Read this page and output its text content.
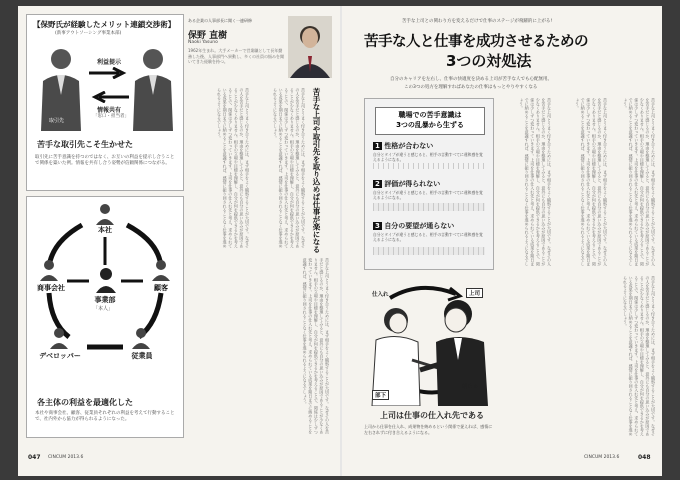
【保野氏が経験したメリット連鎖交渉術】
(新事アウトソーシング事業本部)
利益提示
情報共有
「窓口・担当者」
取引先
苦手な取引先こそ生かせた
取引先に苦手意識を持つのではなく、お互いの利益を提示し合うことで関係を築いた例。情報を共有し合う姿勢が信頼関係につながる。
本社
商事会社	顧客
事業部
「本人」
デベロッパー	従業員
各主体の利益を最適化した
本社や商事会社、顧客、従業員それぞれの利益を考えて行動することで、社内外から協力が得られるようになった。
ある企業の人事部長に聞く一連研修
保野 直樹
Naoki Yasuno
1962年生まれ。大手メーカーで営業職として長年勤務した後、人事部門へ異動し、多くの社員の悩みを聞いてきた経験を持つ。
苦手な上司や取引先を取り込めば仕事が楽になる
苦手な上司とうまく付き合うためには、まず相手をよく観察することが大切です。なぜその人を苦手だと感じるのか、理由を整理してみると、意外にも自分の思い込みが原因であることが少なくありません。相手の立場や目標を理解し、自分が何を提供できるかを考えることで、関係は少しずつ変わっていきます。上司を仕事の仕入れ先と考え、求められている成果を期日までに納めることを意識すれば、感情に振り回されることなく仕事を進められるようになるでしょう。
苦手な上司とうまく付き合うためには、まず相手をよく観察することが大切です。なぜその人を苦手だと感じるのか、理由を整理してみると、意外にも自分の思い込みが原因であることが少なくありません。相手の立場や目標を理解し、自分が何を提供できるかを考えることで、関係は少しずつ変わっていきます。上司を仕事の仕入れ先と考え、求められている成果を期日までに納めることを意識すれば、感情に振り回されることなく仕事を進められるようになるでしょう。
苦手な上司とうまく付き合うためには、まず相手をよく観察することが大切です。なぜその人を苦手だと感じるのか、理由を整理してみると、意外にも自分の思い込みが原因であることが少なくありません。相手の立場や目標を理解し、自分が何を提供できるかを考えることで、関係は少しずつ変わっていきます。上司を仕事の仕入れ先と考え、求められている成果を期日までに納めることを意識すれば、感情に振り回されることなく仕事を進められるようになるでしょう。
047 CINCUM 2013.6
苦手な上司との関わり方を変えるだけで仕事のステージが飛躍的に上がる!
苦手な人と仕事を成功させるための
3つの対処法
自分のキャリアを左右し、仕事の快適度を決める上司が苦手な人でも心配無用。
この3つの処方を理解すればあなたの仕事はもっとやりやすくなる
職場での苦手意識は
3つの乱暴から生ずる
1 性格が合わない
自分とタイプが違うと感じると、相手の言動すべてに違和感を覚えるようになる。
2 評価が得られない
自分とタイプが違うと感じると、相手の言動すべてに違和感を覚えるようになる。
3 自分の要望が通らない
自分とタイプが違うと感じると、相手の言動すべてに違和感を覚えるようになる。
仕入れ	上司
納める
部下
上司は仕事の仕入れ先である
上司から仕事を仕入れ、成果物を納めるという関係で捉えれば、感情に左右されずに付き合えるようになる。
苦手な上司とうまく付き合うためには、まず相手をよく観察することが大切です。なぜその人を苦手だと感じるのか、理由を整理してみると、意外にも自分の思い込みが原因であることが少なくありません。相手の立場や目標を理解し、自分が何を提供できるかを考えることで、関係は少しずつ変わっていきます。上司を仕事の仕入れ先と考え、求められている成果を期日までに納めることを意識すれば、感情に振り回されることなく仕事を進められるようになるでしょう。	苦手な上司とうまく付き合うためには、まず相手をよく観察することが大切です。なぜその人を苦手だと感じるのか、理由を整理してみると、意外にも自分の思い込みが原因であることが少なくありません。相手の立場や目標を理解し、自分が何を提供できるかを考えることで、関係は少しずつ変わっていきます。上司を仕事の仕入れ先と考え、求められている成果を期日までに納めることを意識すれば、感情に振り回されることなく仕事を進められるようになるでしょう。	苦手な上司とうまく付き合うためには、まず相手をよく観察することが大切です。なぜその人を苦手だと感じるのか、理由を整理してみると、意外にも自分の思い込みが原因であることが少なくありません。相手の立場や目標を理解し、自分が何を提供できるかを考えることで、関係は少しずつ変わっていきます。上司を仕事の仕入れ先と考え、求められている成果を期日までに納めることを意識すれば、感情に振り回されることなく仕事を進められるようになるでしょう。
苦手な上司とうまく付き合うためには、まず相手をよく観察することが大切です。なぜその人を苦手だと感じるのか、理由を整理してみると、意外にも自分の思い込みが原因であることが少なくありません。相手の立場や目標を理解し、自分が何を提供できるかを考えることで、関係は少しずつ変わっていきます。上司を仕事の仕入れ先と考え、求められている成果を期日までに納めることを意識すれば、感情に振り回されることなく仕事を進められるようになるでしょう。
CINCUM 2013.6	048
